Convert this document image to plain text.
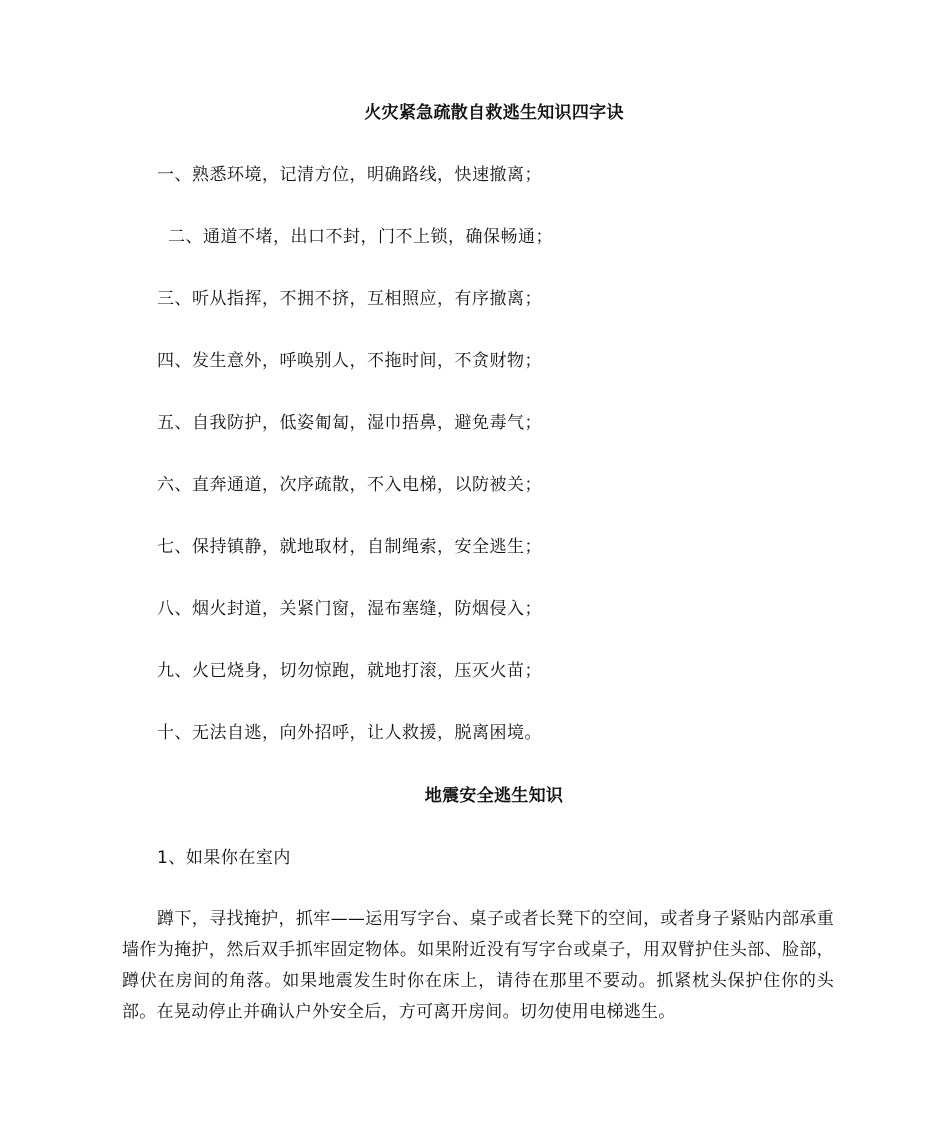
火灾紧急疏散自救逃生知识四字诀
一、熟悉环境，记清方位，明确路线，快速撤离；
二、通道不堵，出口不封，门不上锁，确保畅通；
三、听从指挥，不拥不挤，互相照应，有序撤离；
四、发生意外，呼唤别人，不拖时间，不贪财物；
五、自我防护，低姿匍匐，湿巾捂鼻，避免毒气；
六、直奔通道，次序疏散，不入电梯，以防被关；
七、保持镇静，就地取材，自制绳索，安全逃生；
八、烟火封道，关紧门窗，湿布塞缝，防烟侵入；
九、火已烧身，切勿惊跑，就地打滚，压灭火苗；
十、无法自逃，向外招呼，让人救援，脱离困境。
地震安全逃生知识
1、如果你在室内
蹲下，寻找掩护，抓牢——运用写字台、桌子或者长凳下的空间，或者身子紧贴内部承重墙作为掩护，然后双手抓牢固定物体。如果附近没有写字台或桌子，用双臂护住头部、脸部，蹲伏在房间的角落。如果地震发生时你在床上，请待在那里不要动。抓紧枕头保护住你的头部。在晃动停止并确认户外安全后，方可离开房间。切勿使用电梯逃生。
